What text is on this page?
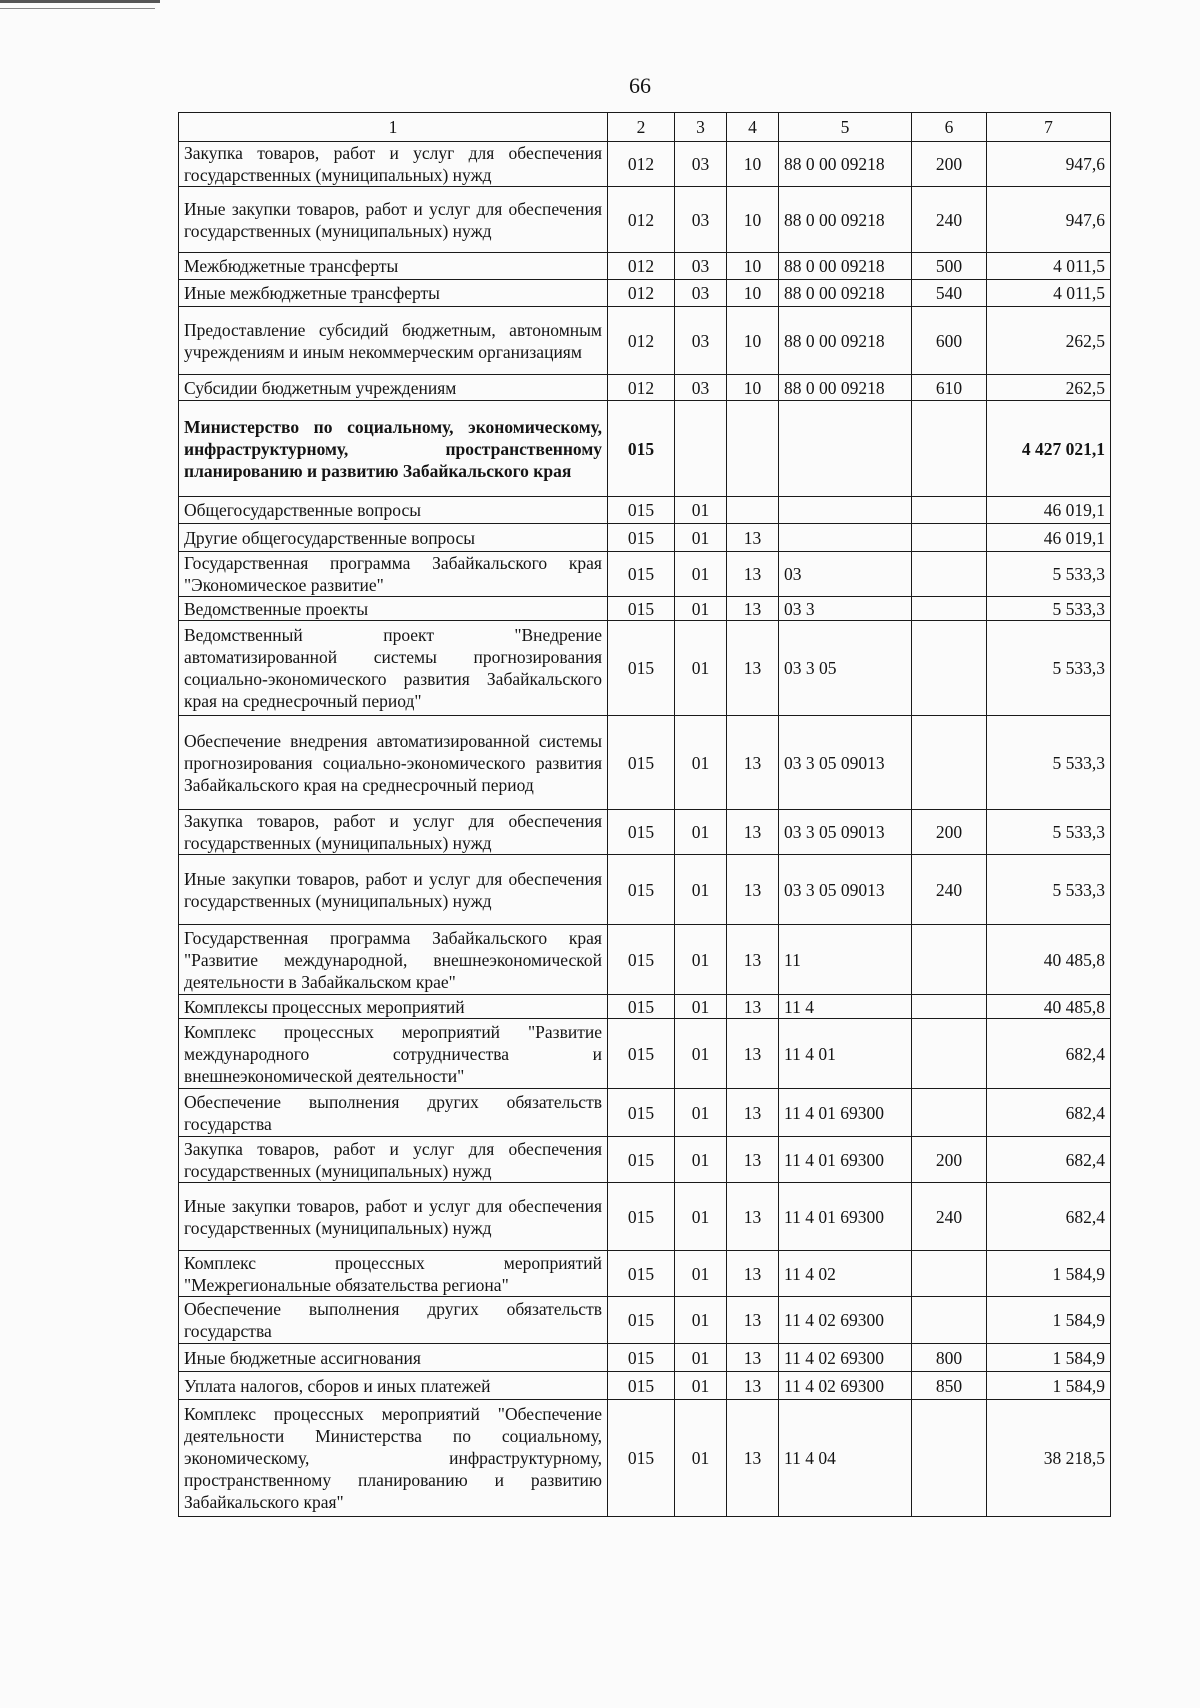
66
1	2	3	4	5	6	7
Закупка товаров, работ и услуг для обеспечения государственных (муниципальных) нужд	012	03	10	88 0 00 09218	200	947,6
Иные закупки товаров, работ и услуг для обеспечения государственных (муниципальных) нужд	012	03	10	88 0 00 09218	240	947,6
Межбюджетные трансферты	012	03	10	88 0 00 09218	500	4 011,5
Иные межбюджетные трансферты	012	03	10	88 0 00 09218	540	4 011,5
Предоставление субсидий бюджетным, автономным учреждениям и иным некоммерческим организациям	012	03	10	88 0 00 09218	600	262,5
Субсидии бюджетным учреждениям	012	03	10	88 0 00 09218	610	262,5
Министерство по социальному, экономическому, инфраструктурному, пространственному планированию и развитию Забайкальского края	015					4 427 021,1
Общегосударственные вопросы	015	01				46 019,1
Другие общегосударственные вопросы	015	01	13			46 019,1
Государственная программа Забайкальского края "Экономическое развитие"	015	01	13	03		5 533,3
Ведомственные проекты	015	01	13	03 3		5 533,3
Ведомственный проект "Внедрение автоматизированной системы прогнозирования социально-экономического развития Забайкальского края на среднесрочный период"	015	01	13	03 3 05		5 533,3
Обеспечение внедрения автоматизированной системы прогнозирования социально-экономического развития Забайкальского края на среднесрочный период	015	01	13	03 3 05 09013		5 533,3
Закупка товаров, работ и услуг для обеспечения государственных (муниципальных) нужд	015	01	13	03 3 05 09013	200	5 533,3
Иные закупки товаров, работ и услуг для обеспечения государственных (муниципальных) нужд	015	01	13	03 3 05 09013	240	5 533,3
Государственная программа Забайкальского края "Развитие международной, внешнеэкономической деятельности в Забайкальском крае"	015	01	13	11		40 485,8
Комплексы процессных мероприятий	015	01	13	11 4		40 485,8
Комплекс процессных мероприятий "Развитие международного сотрудничества и внешнеэкономической деятельности"	015	01	13	11 4 01		682,4
Обеспечение выполнения других обязательств государства	015	01	13	11 4 01 69300		682,4
Закупка товаров, работ и услуг для обеспечения государственных (муниципальных) нужд	015	01	13	11 4 01 69300	200	682,4
Иные закупки товаров, работ и услуг для обеспечения государственных (муниципальных) нужд	015	01	13	11 4 01 69300	240	682,4
Комплекс процессных мероприятий "Межрегиональные обязательства региона"	015	01	13	11 4 02		1 584,9
Обеспечение выполнения других обязательств государства	015	01	13	11 4 02 69300		1 584,9
Иные бюджетные ассигнования	015	01	13	11 4 02 69300	800	1 584,9
Уплата налогов, сборов и иных платежей	015	01	13	11 4 02 69300	850	1 584,9
Комплекс процессных мероприятий "Обеспечение деятельности Министерства по социальному, экономическому, инфраструктурному, пространственному планированию и развитию Забайкальского края"	015	01	13	11 4 04		38 218,5
